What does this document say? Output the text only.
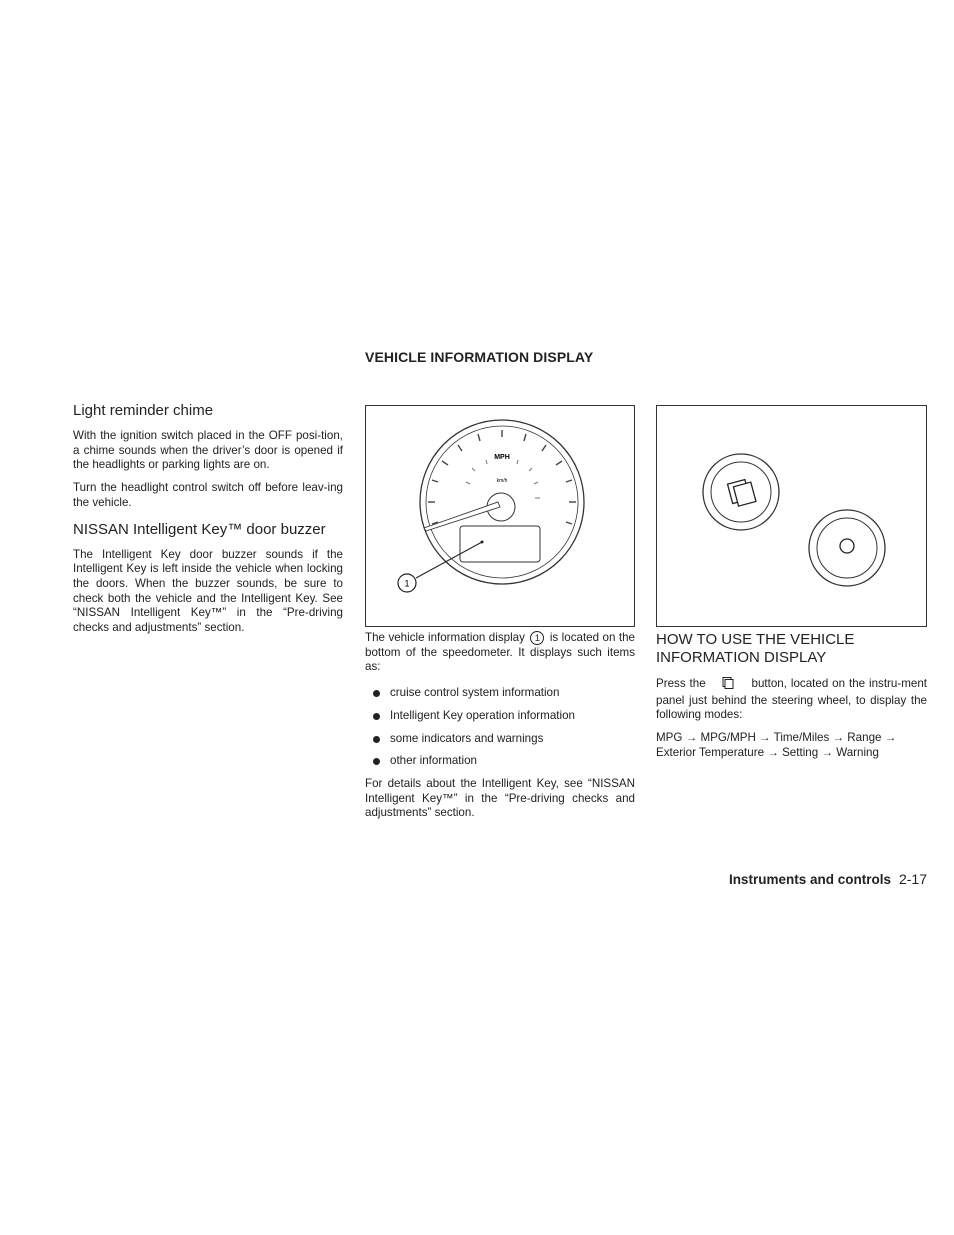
VEHICLE INFORMATION DISPLAY
Light reminder chime

With the ignition switch placed in the OFF posi-tion, a chime sounds when the driver’s door is opened if the headlights or parking lights are on.

Turn the headlight control switch off before leav-ing the vehicle.

NISSAN Intelligent Key™ door buzzer

The Intelligent Key door buzzer sounds if the Intelligent Key is left inside the vehicle when locking the doors. When the buzzer sounds, be sure to check both the vehicle and the Intelligent Key. See “NISSAN Intelligent Key™” in the “Pre-driving checks and adjustments” section.

MPH
km/h
1

The vehicle information display 1 is located on the bottom of the speedometer. It displays such items as:

cruise control system information
Intelligent Key operation information
some indicators and warnings
other information

For details about the Intelligent Key, see “NISSAN Intelligent Key™” in the “Pre-driving checks and adjustments” section.

HOW TO USE THE VEHICLE
INFORMATION DISPLAY

Press the	button, located on the instru-ment panel just behind the steering wheel, to display the following modes:

MPG → MPG/MPH → Time/Miles → Range → Exterior Temperature → Setting → Warning

Instruments and controls 2-17
